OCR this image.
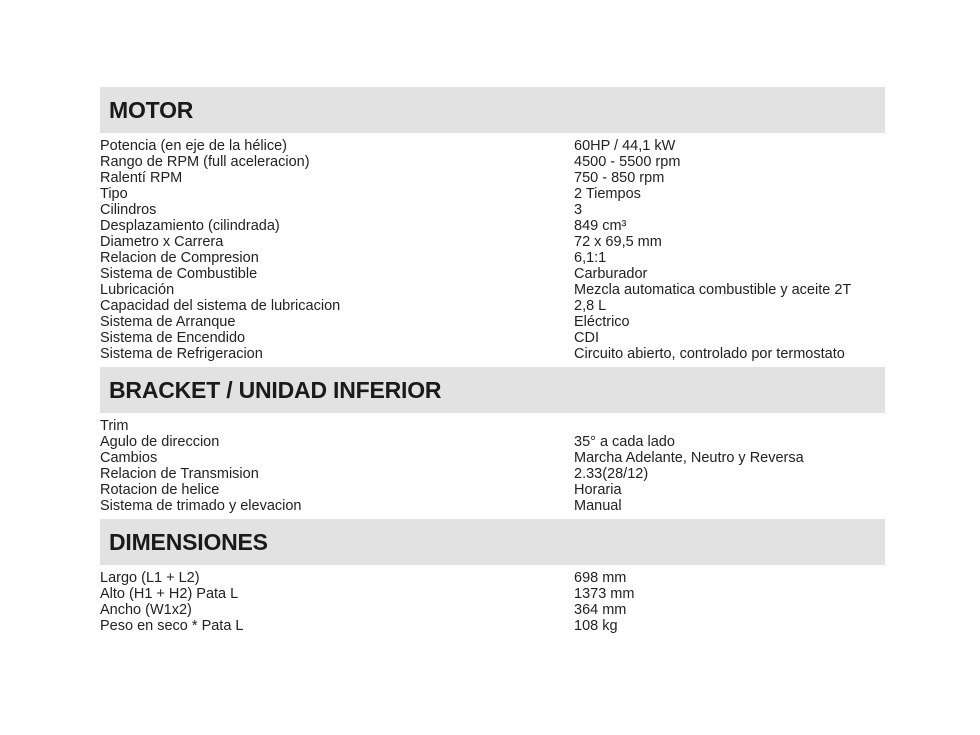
MOTOR
Potencia (en eje de la hélice)	60HP / 44,1 kW
Rango de RPM (full aceleracion)	4500 - 5500 rpm
Ralentí RPM	750 - 850 rpm
Tipo	2 Tiempos
Cilindros	3
Desplazamiento (cilindrada)	849 cm³
Diametro x Carrera	72 x 69,5 mm
Relacion de Compresion	6,1:1
Sistema de Combustible	Carburador
Lubricación	Mezcla automatica combustible y aceite 2T
Capacidad del sistema de lubricacion	2,8 L
Sistema de Arranque	Eléctrico
Sistema de Encendido	CDI
Sistema de Refrigeracion	Circuito abierto, controlado por termostato
BRACKET / UNIDAD INFERIOR
Trim
Agulo de direccion	35° a cada lado
Cambios	Marcha Adelante, Neutro y Reversa
Relacion de Transmision	2.33(28/12)
Rotacion de helice	Horaria
Sistema de trimado y elevacion	Manual
DIMENSIONES
Largo (L1 + L2)	698 mm
Alto (H1 + H2) Pata L	1373 mm
Ancho (W1x2)	364 mm
Peso en seco * Pata L	108 kg
